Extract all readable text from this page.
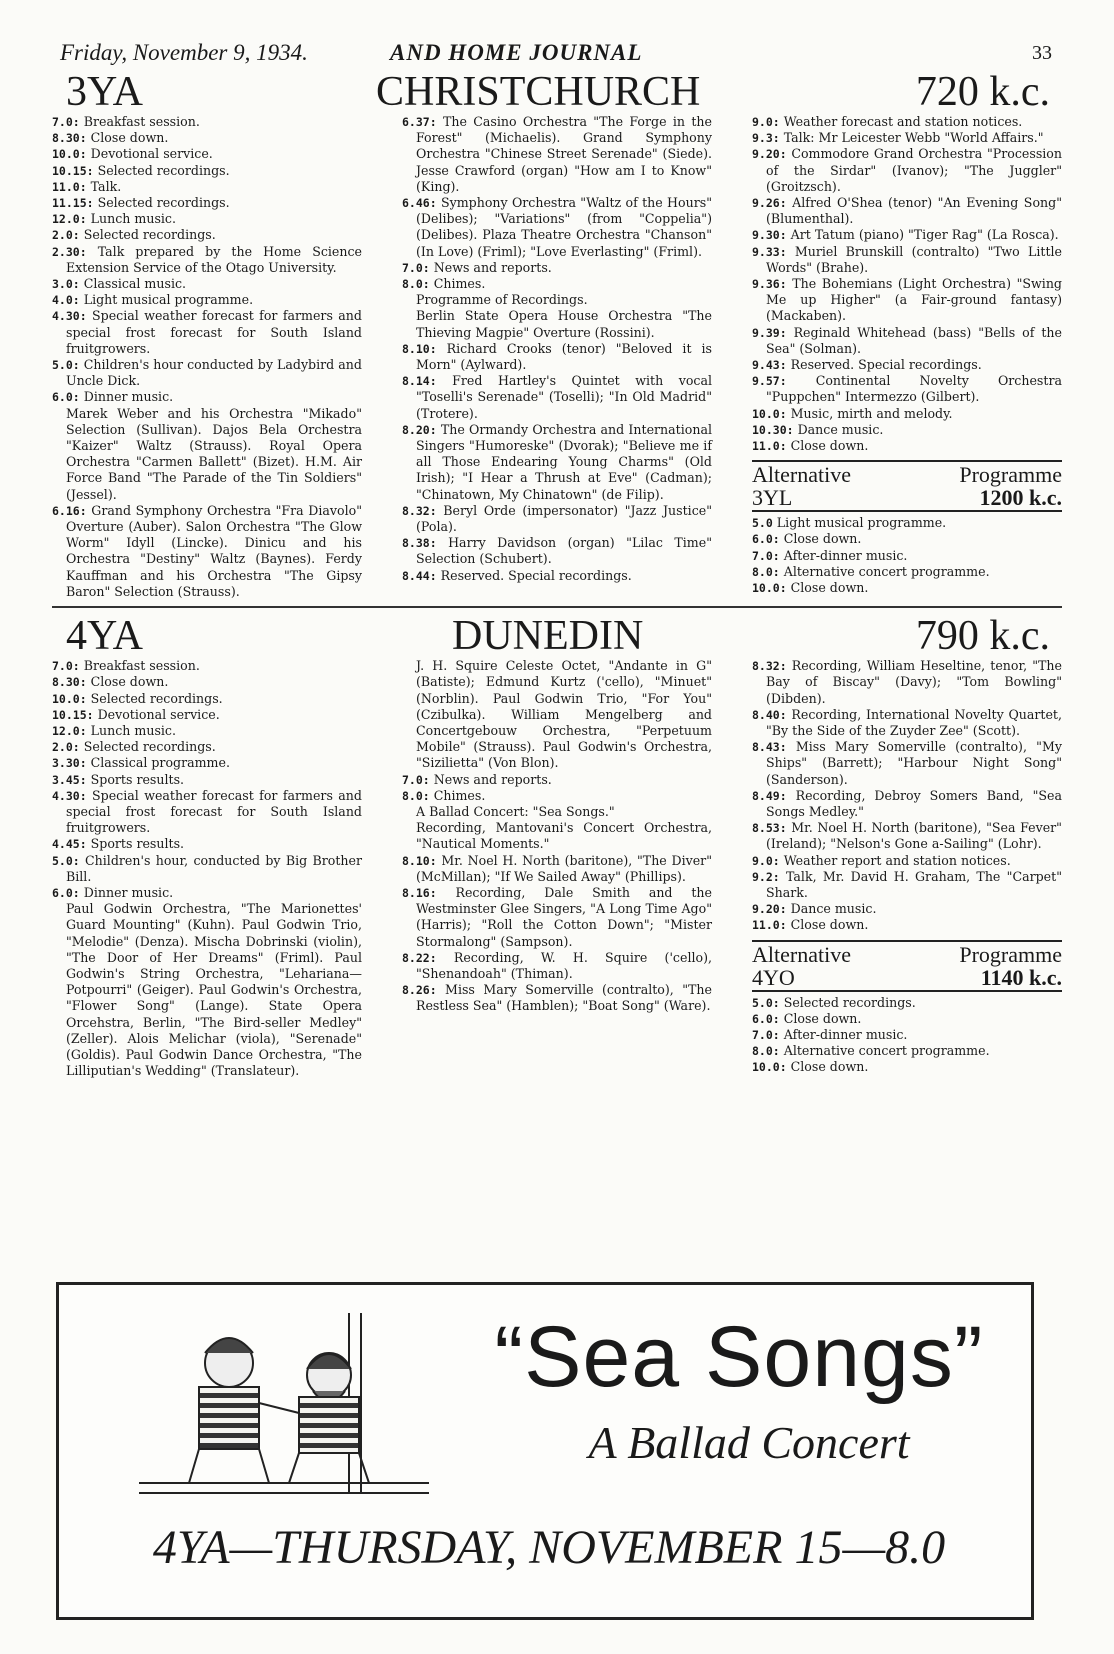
Friday, November 9, 1934.	AND HOME JOURNAL	33
3YA	CHRISTCHURCH	720 k.c.

7.0: Breakfast session.

8.30: Close down.

10.0: Devotional service.

10.15: Selected recordings.

11.0: Talk.

11.15: Selected recordings.

12.0: Lunch music.

2.0: Selected recordings.

2.30: Talk prepared by the Home Science Extension Service of the Otago University.

3.0: Classical music.

4.0: Light musical programme.

4.30: Special weather forecast for farmers and special frost forecast for South Island fruitgrowers.

5.0: Children's hour conducted by Ladybird and Uncle Dick.

6.0: Dinner music.

Marek Weber and his Orchestra "Mikado" Selection (Sullivan). Dajos Bela Orchestra "Kaizer" Waltz (Strauss). Royal Opera Orchestra "Carmen Ballett" (Bizet). H.M. Air Force Band "The Parade of the Tin Soldiers" (Jessel).

6.16: Grand Symphony Orchestra "Fra Diavolo" Overture (Auber). Salon Orchestra "The Glow Worm" Idyll (Lincke). Dinicu and his Orchestra "Destiny" Waltz (Baynes). Ferdy Kauffman and his Orchestra "The Gipsy Baron" Selection (Strauss).

6.37: The Casino Orchestra "The Forge in the Forest" (Michaelis). Grand Symphony Orchestra "Chinese Street Serenade" (Siede). Jesse Crawford (organ) "How am I to Know" (King).

6.46: Symphony Orchestra "Waltz of the Hours" (Delibes); "Variations" (from "Coppelia") (Delibes). Plaza Theatre Orchestra "Chanson" (In Love) (Friml); "Love Everlasting" (Friml).

7.0: News and reports.

8.0: Chimes.

Programme of Recordings.

Berlin State Opera House Orchestra "The Thieving Magpie" Overture (Rossini).

8.10: Richard Crooks (tenor) "Beloved it is Morn" (Aylward).

8.14: Fred Hartley's Quintet with vocal "Toselli's Serenade" (Toselli); "In Old Madrid" (Trotere).

8.20: The Ormandy Orchestra and International Singers "Humoreske" (Dvorak); "Believe me if all Those Endearing Young Charms" (Old Irish); "I Hear a Thrush at Eve" (Cadman); "Chinatown, My Chinatown" (de Filip).

8.32: Beryl Orde (impersonator) "Jazz Justice" (Pola).

8.38: Harry Davidson (organ) "Lilac Time" Selection (Schubert).

8.44: Reserved. Special recordings.

9.0: Weather forecast and station notices.

9.3: Talk: Mr Leicester Webb "World Affairs."

9.20: Commodore Grand Orchestra "Procession of the Sirdar" (Ivanov); "The Juggler" (Groitzsch).

9.26: Alfred O'Shea (tenor) "An Evening Song" (Blumenthal).

9.30: Art Tatum (piano) "Tiger Rag" (La Rosca).

9.33: Muriel Brunskill (contralto) "Two Little Words" (Brahe).

9.36: The Bohemians (Light Orchestra) "Swing Me up Higher" (a Fair-ground fantasy) (Mackaben).

9.39: Reginald Whitehead (bass) "Bells of the Sea" (Solman).

9.43: Reserved. Special recordings.

9.57: Continental Novelty Orchestra "Puppchen" Intermezzo (Gilbert).

10.0: Music, mirth and melody.

10.30: Dance music.

11.0: Close down.

Alternative	Programme
3YL	1200 k.c.

5.0 Light musical programme.

6.0: Close down.

7.0: After-dinner music.

8.0: Alternative concert programme.

10.0: Close down.

4YA	DUNEDIN	790 k.c.

7.0: Breakfast session.

8.30: Close down.

10.0: Selected recordings.

10.15: Devotional service.

12.0: Lunch music.

2.0: Selected recordings.

3.30: Classical programme.

3.45: Sports results.

4.30: Special weather forecast for farmers and special frost forecast for South Island fruitgrowers.

4.45: Sports results.

5.0: Children's hour, conducted by Big Brother Bill.

6.0: Dinner music.

Paul Godwin Orchestra, "The Marionettes' Guard Mounting" (Kuhn). Paul Godwin Trio, "Melodie" (Denza). Mischa Dobrinski (violin), "The Door of Her Dreams" (Friml). Paul Godwin's String Orchestra, "Lehariana—Potpourri" (Geiger). Paul Godwin's Orchestra, "Flower Song" (Lange). State Opera Orcehstra, Berlin, "The Bird-seller Medley" (Zeller). Alois Melichar (viola), "Serenade" (Goldis). Paul Godwin Dance Orchestra, "The Lilliputian's Wedding" (Translateur).

J. H. Squire Celeste Octet, "Andante in G" (Batiste); Edmund Kurtz ('cello), "Minuet" (Norblin). Paul Godwin Trio, "For You" (Czibulka). William Mengelberg and Concertgebouw Orchestra, "Perpetuum Mobile" (Strauss). Paul Godwin's Orchestra, "Sizilietta" (Von Blon).

7.0: News and reports.

8.0: Chimes.

A Ballad Concert: "Sea Songs."

Recording, Mantovani's Concert Orchestra, "Nautical Moments."

8.10: Mr. Noel H. North (baritone), "The Diver" (McMillan); "If We Sailed Away" (Phillips).

8.16: Recording, Dale Smith and the Westminster Glee Singers, "A Long Time Ago" (Harris); "Roll the Cotton Down"; "Mister Stormalong" (Sampson).

8.22: Recording, W. H. Squire ('cello), "Shenandoah" (Thiman).

8.26: Miss Mary Somerville (contralto), "The Restless Sea" (Hamblen); "Boat Song" (Ware).

8.32: Recording, William Heseltine, tenor, "The Bay of Biscay" (Davy); "Tom Bowling" (Dibden).

8.40: Recording, International Novelty Quartet, "By the Side of the Zuyder Zee" (Scott).

8.43: Miss Mary Somerville (contralto), "My Ships" (Barrett); "Harbour Night Song" (Sanderson).

8.49: Recording, Debroy Somers Band, "Sea Songs Medley."

8.53: Mr. Noel H. North (baritone), "Sea Fever" (Ireland); "Nelson's Gone a-Sailing" (Lohr).

9.0: Weather report and station notices.

9.2: Talk, Mr. David H. Graham, The "Carpet" Shark.

9.20: Dance music.

11.0: Close down.

Alternative	Programme
4YO	1140 k.c.

5.0: Selected recordings.

6.0: Close down.

7.0: After-dinner music.

8.0: Alternative concert programme.

10.0: Close down.

“Sea Songs”
A Ballad Concert
4YA—THURSDAY, NOVEMBER 15—8.0
